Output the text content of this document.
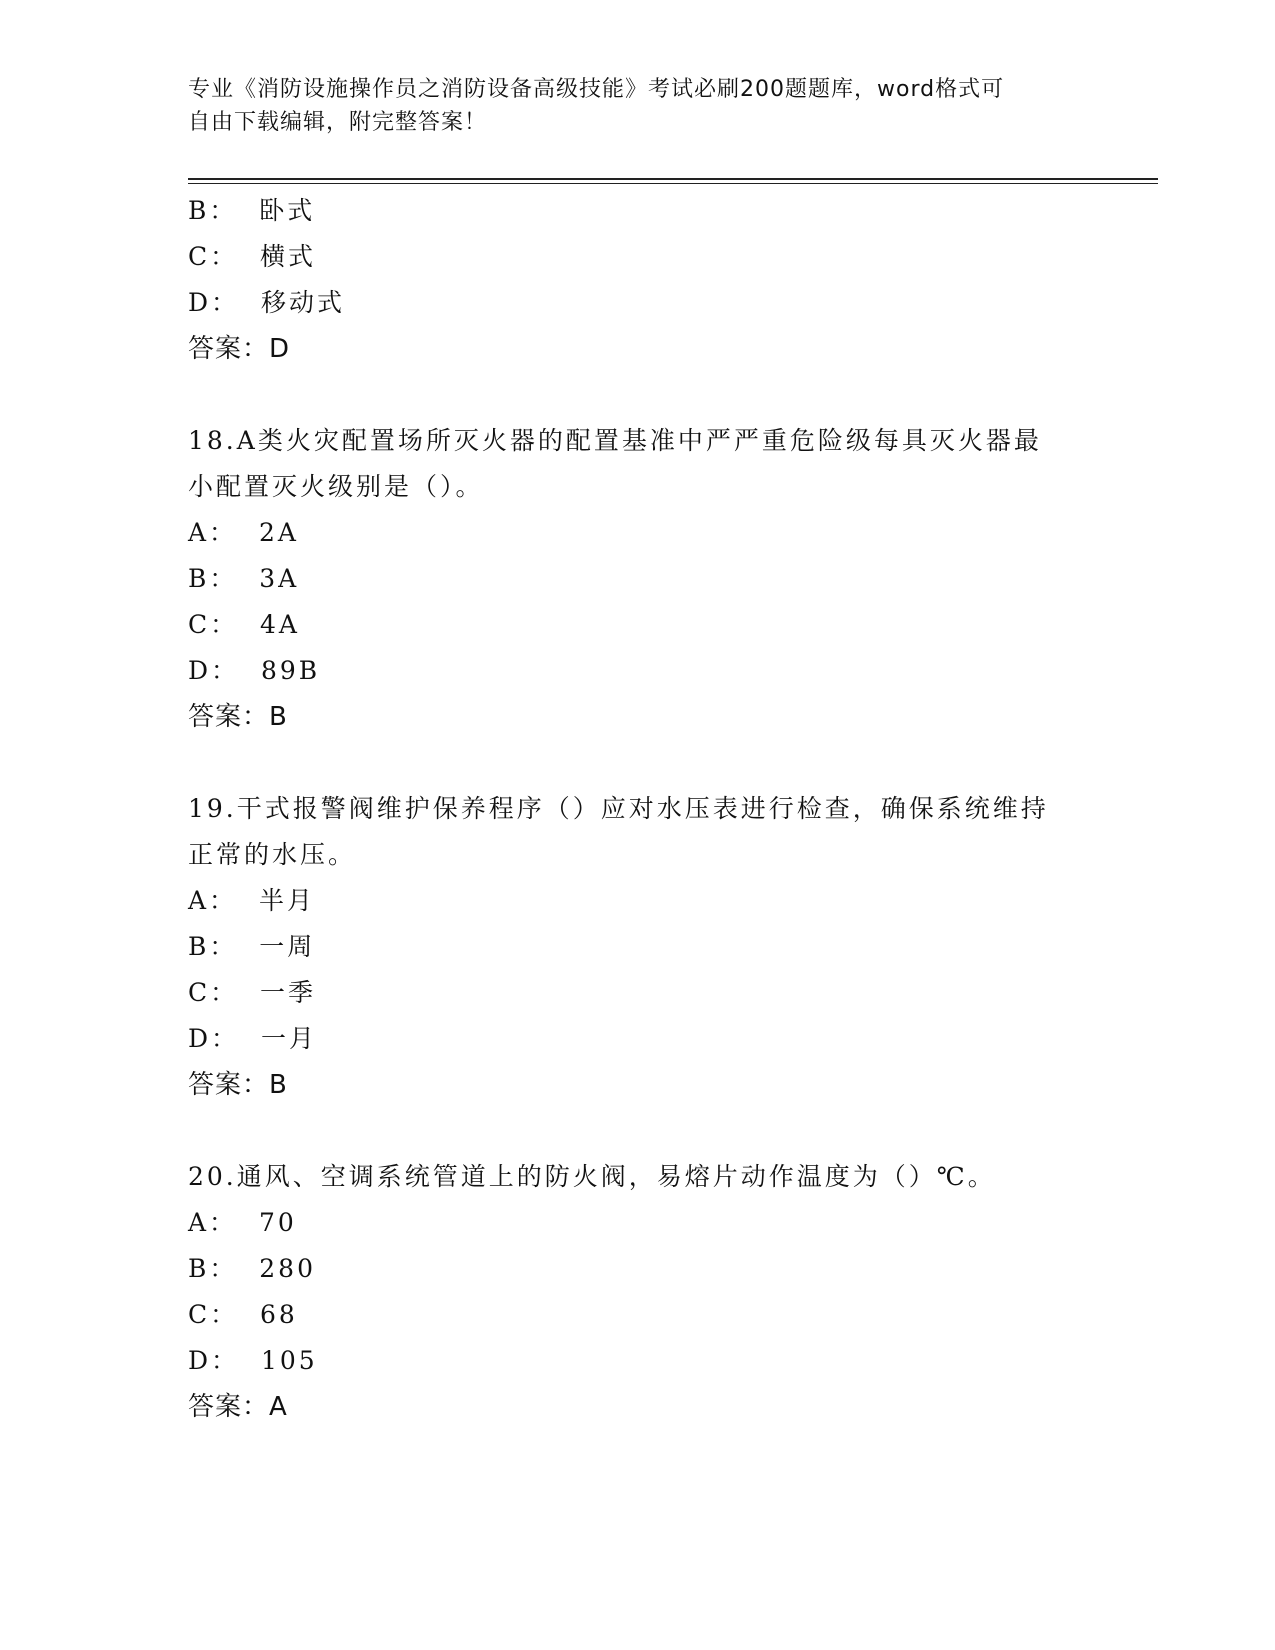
专业《消防设施操作员之消防设备高级技能》考试必刷200题题库，word格式可
自由下载编辑，附完整答案！
B：  卧式
C：  横式
D：  移动式
答案：D
18.A类火灾配置场所灭火器的配置基准中严严重危险级每具灭火器最
小配置灭火级别是（）。
A：  2A
B：  3A
C：  4A
D：  89B
答案：B
19.干式报警阀维护保养程序（）应对水压表进行检查，确保系统维持
正常的水压。
A：  半月
B：  一周
C：  一季
D：  一月
答案：B
20.通风、空调系统管道上的防火阀，易熔片动作温度为（）℃。
A：  70
B：  280
C：  68
D：  105
答案：A
